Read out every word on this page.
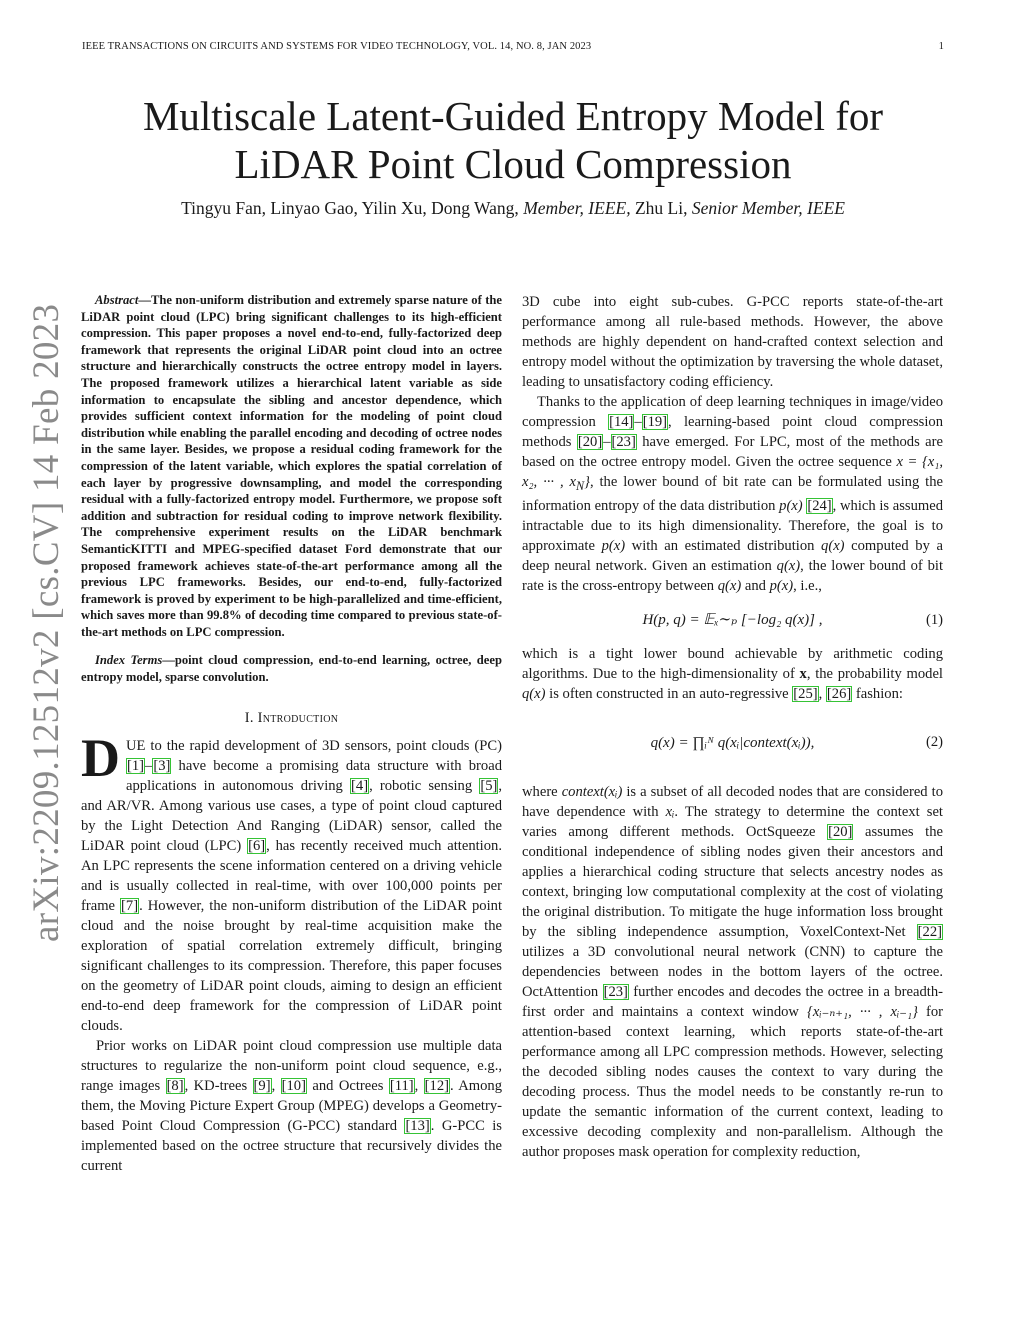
IEEE TRANSACTIONS ON CIRCUITS AND SYSTEMS FOR VIDEO TECHNOLOGY, VOL. 14, NO. 8, JAN 2023	1
arXiv:2209.12512v2 [cs.CV] 14 Feb 2023
Multiscale Latent-Guided Entropy Model for
LiDAR Point Cloud Compression
Tingyu Fan, Linyao Gao, Yilin Xu, Dong Wang, Member, IEEE, Zhu Li, Senior Member, IEEE

Abstract—The non-uniform distribution and extremely sparse nature of the LiDAR point cloud (LPC) bring significant challenges to its high-efficient compression. This paper proposes a novel end-to-end, fully-factorized deep framework that represents the original LiDAR point cloud into an octree structure and hierarchically constructs the octree entropy model in layers. The proposed framework utilizes a hierarchical latent variable as side information to encapsulate the sibling and ancestor dependence, which provides sufficient context information for the modeling of point cloud distribution while enabling the parallel encoding and decoding of octree nodes in the same layer. Besides, we propose a residual coding framework for the compression of the latent variable, which explores the spatial correlation of each layer by progressive downsampling, and model the corresponding residual with a fully-factorized entropy model. Furthermore, we propose soft addition and subtraction for residual coding to improve network flexibility. The comprehensive experiment results on the LiDAR benchmark SemanticKITTI and MPEG-specified dataset Ford demonstrate that our proposed framework achieves state-of-the-art performance among all the previous LPC frameworks. Besides, our end-to-end, fully-factorized framework is proved by experiment to be high-parallelized and time-efficient, which saves more than 99.8% of decoding time compared to previous state-of-the-art methods on LPC compression.

Index Terms—point cloud compression, end-to-end learning, octree, deep entropy model, sparse convolution.

I. Introduction

DUE to the rapid development of 3D sensors, point clouds (PC) [1]–[3] have become a promising data structure with broad applications in autonomous driving [4], robotic sensing [5], and AR/VR. Among various use cases, a type of point cloud captured by the Light Detection And Ranging (LiDAR) sensor, called the LiDAR point cloud (LPC) [6], has recently received much attention. An LPC represents the scene information centered on a driving vehicle and is usually collected in real-time, with over 100,000 points per frame [7]. However, the non-uniform distribution of the LiDAR point cloud and the noise brought by real-time acquisition make the exploration of spatial correlation extremely difficult, bringing significant challenges to its compression. Therefore, this paper focuses on the geometry of LiDAR point clouds, aiming to design an efficient end-to-end deep framework for the compression of LiDAR point clouds.

Prior works on LiDAR point cloud compression use multiple data structures to regularize the non-uniform point cloud sequence, e.g., range images [8], KD-trees [9], [10] and Octrees [11], [12]. Among them, the Moving Picture Expert Group (MPEG) develops a Geometry-based Point Cloud Compression (G-PCC) standard [13]. G-PCC is implemented based on the octree structure that recursively divides the current

3D cube into eight sub-cubes. G-PCC reports state-of-the-art performance among all rule-based methods. However, the above methods are highly dependent on hand-crafted context selection and entropy model without the optimization by traversing the whole dataset, leading to unsatisfactory coding efficiency.

Thanks to the application of deep learning techniques in image/video compression [14]–[19], learning-based point cloud compression methods [20]–[23] have emerged. For LPC, most of the methods are based on the octree entropy model. Given the octree sequence x = {x₁, x₂, ··· , $x_N$}, the lower bound of bit rate can be formulated using the information entropy of the data distribution p(x) [24], which is assumed intractable due to its high dimensionality. Therefore, the goal is to approximate p(x) with an estimated distribution q(x) computed by a deep neural network. Given an estimation q(x), the lower bound of bit rate is the cross-entropy between q(x) and p(x), i.e.,

H(p, q) = 𝔼ₓ∼ₚ [−log₂ q(x)] ,	(1)

which is a tight lower bound achievable by arithmetic coding algorithms. Due to the high-dimensionality of x, the probability model q(x) is often constructed in an auto-regressive [25], [26] fashion:

q(x) = ∏ᵢᴺ q(xᵢ|context(xᵢ)),	(2)

where context(xᵢ) is a subset of all decoded nodes that are considered to have dependence with xᵢ. The strategy to determine the context set varies among different methods. OctSqueeze [20] assumes the conditional independence of sibling nodes given their ancestors and applies a hierarchical coding structure that selects ancestry nodes as context, bringing low computational complexity at the cost of violating the original distribution. To mitigate the huge information loss brought by the sibling independence assumption, VoxelContext-Net [22] utilizes a 3D convolutional neural network (CNN) to capture the dependencies between nodes in the bottom layers of the octree. OctAttention [23] further encodes and decodes the octree in a breadth-first order and maintains a context window {xᵢ₋ₙ₊₁, ··· , xᵢ₋₁} for attention-based context learning, which reports state-of-the-art performance among all LPC compression methods. However, selecting the decoded sibling nodes causes the context to vary during the decoding process. Thus the model needs to be constantly re-run to update the semantic information of the current context, leading to excessive decoding complexity and non-parallelism. Although the author proposes mask operation for complexity reduction,
